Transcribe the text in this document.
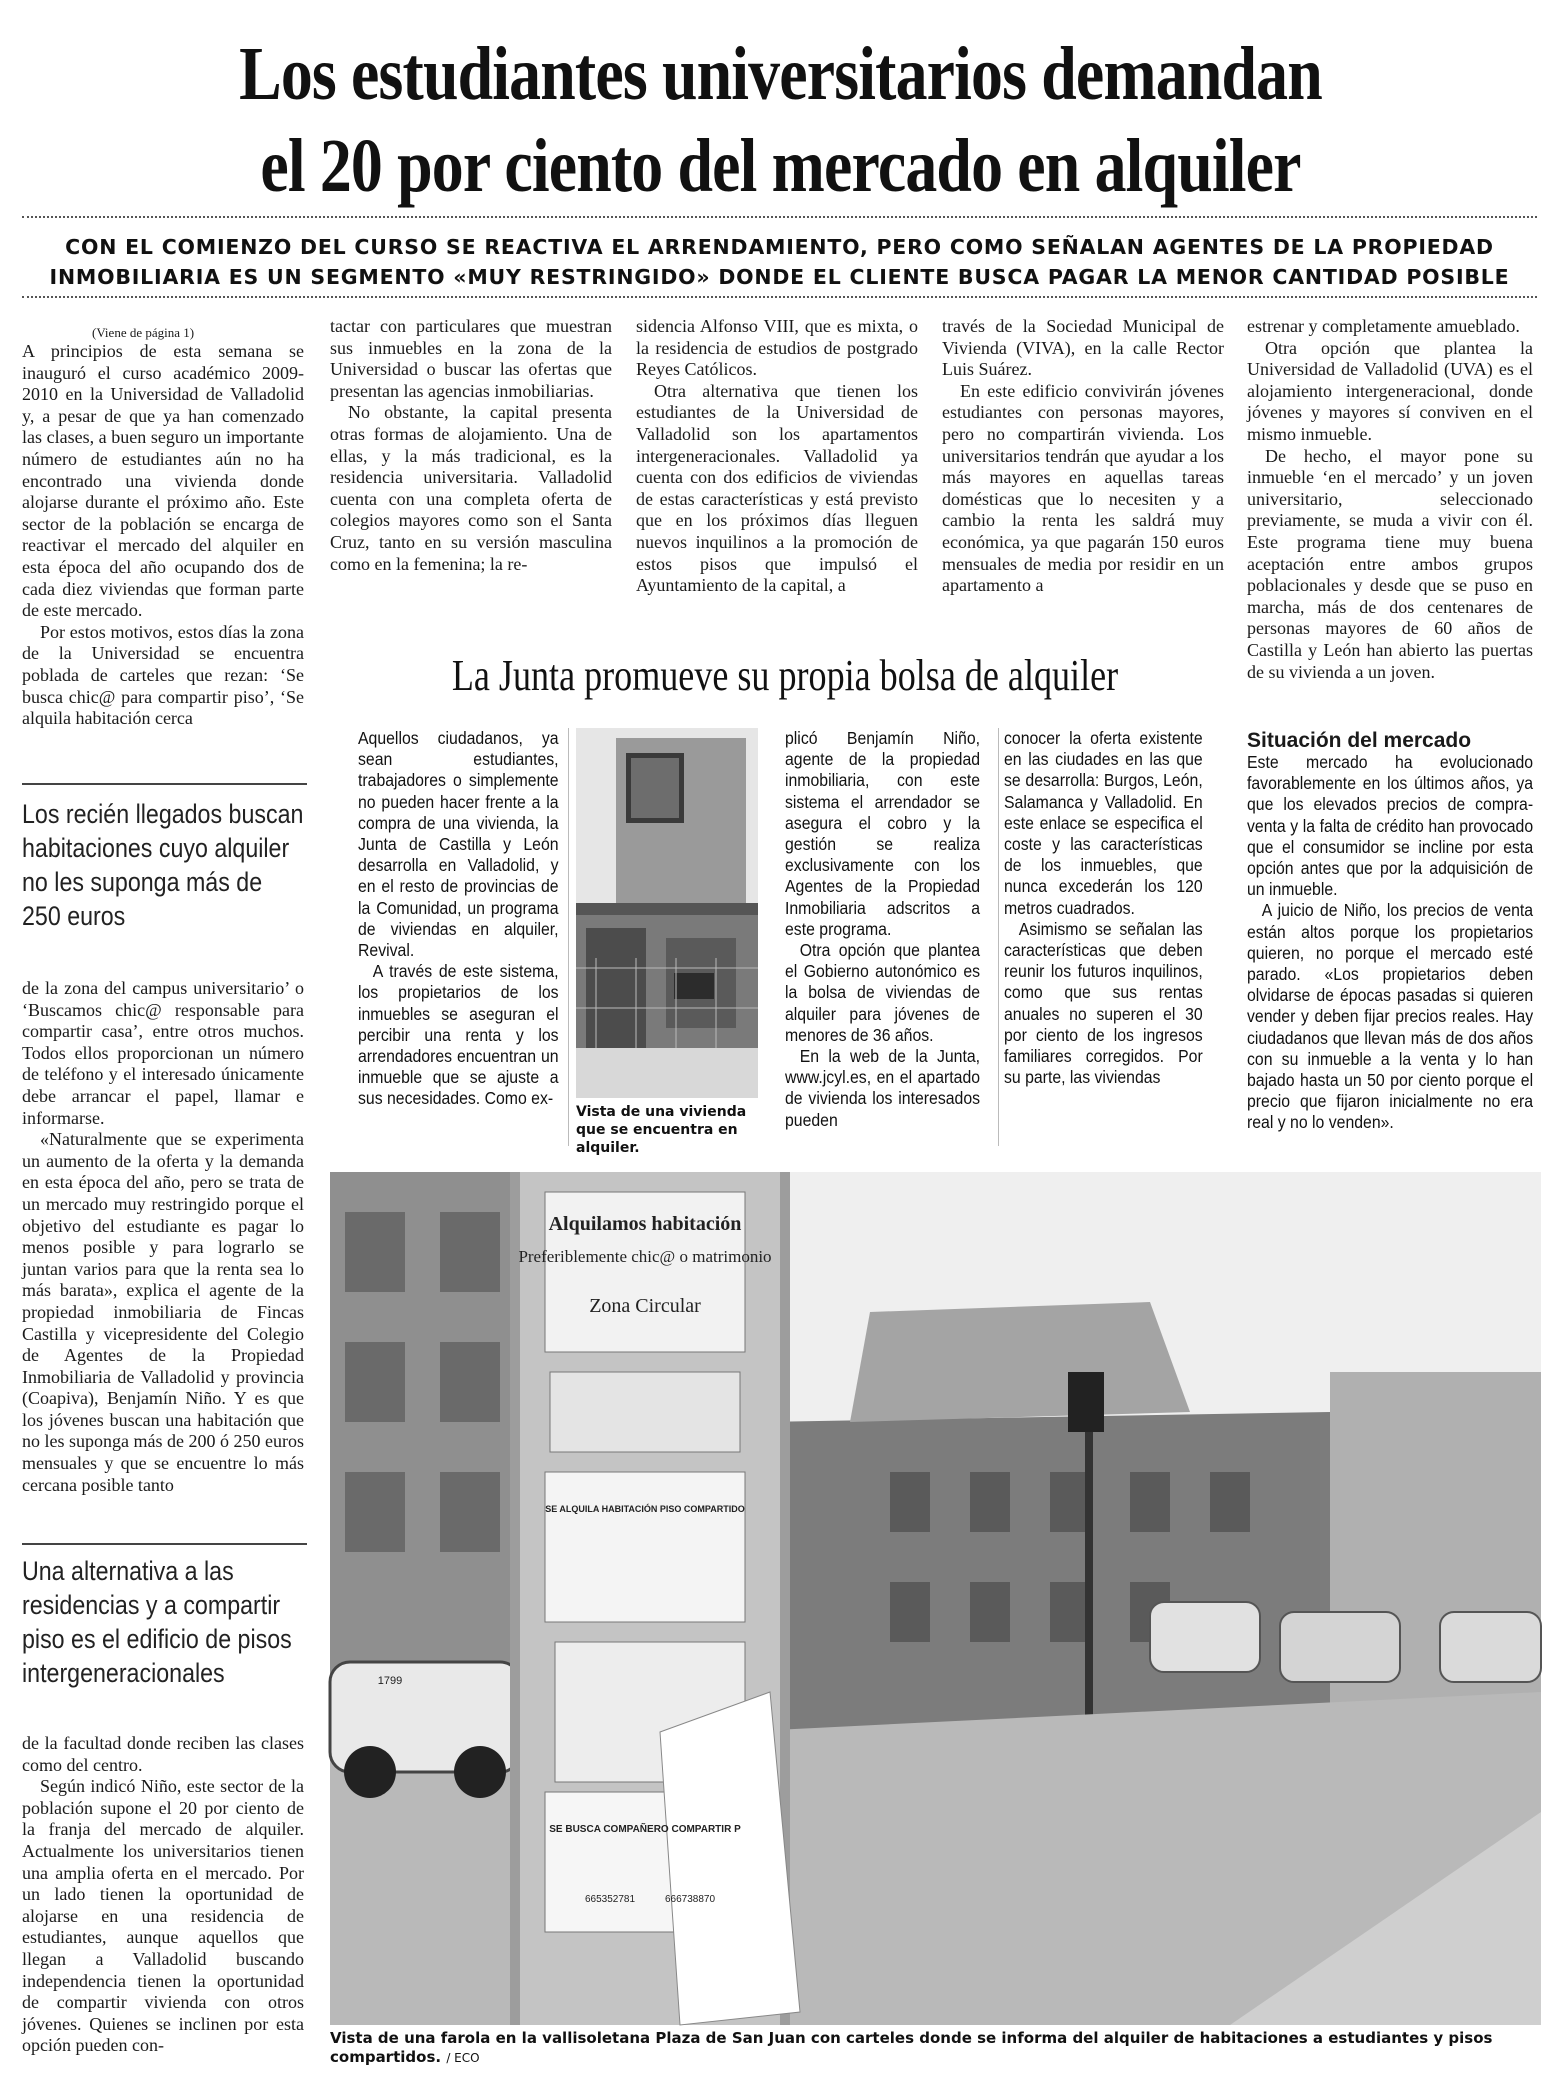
Los estudiantes universitarios demandan
el 20 por ciento del mercado en alquiler
CON EL COMIENZO DEL CURSO SE REACTIVA EL ARRENDAMIENTO, PERO COMO SEÑALAN AGENTES DE LA PROPIEDAD
INMOBILIARIA ES UN SEGMENTO «MUY RESTRINGIDO» DONDE EL CLIENTE BUSCA PAGAR LA MENOR CANTIDAD POSIBLE
(Viene de página 1)

A principios de esta semana se inauguró el curso académico 2009-2010 en la Universidad de Valladolid y, a pesar de que ya han comenzado las clases, a buen seguro un importante número de estudiantes aún no ha encontrado una vivienda donde alojarse durante el próximo año. Este sector de la población se encarga de reactivar el mercado del alquiler en esta época del año ocupando dos de cada diez viviendas que forman parte de este mercado.

Por estos motivos, estos días la zona de la Universidad se encuentra poblada de carteles que rezan: ‘Se busca chic@ para compartir piso’, ‘Se alquila habitación cerca

Los recién llegados buscan habitaciones cuyo alquiler no les suponga más de 250 euros

de la zona del campus universitario’ o ‘Buscamos chic@ responsable para compartir casa’, entre otros muchos. Todos ellos proporcionan un número de teléfono y el interesado únicamente debe arrancar el papel, llamar e informarse.

«Naturalmente que se experimenta un aumento de la oferta y la demanda en esta época del año, pero se trata de un mercado muy restringido porque el objetivo del estudiante es pagar lo menos posible y para lograrlo se juntan varios para que la renta sea lo más barata», explica el agente de la propiedad inmobiliaria de Fincas Castilla y vicepresidente del Colegio de Agentes de la Propiedad Inmobiliaria de Valladolid y provincia (Coapiva), Benjamín Niño. Y es que los jóvenes buscan una habitación que no les suponga más de 200 ó 250 euros mensuales y que se encuentre lo más cercana posible tanto

Una alternativa a las residencias y a compartir piso es el edificio de pisos intergeneracionales

de la facultad donde reciben las clases como del centro.

Según indicó Niño, este sector de la población supone el 20 por ciento de la franja del mercado de alquiler. Actualmente los universitarios tienen una amplia oferta en el mercado. Por un lado tienen la oportunidad de alojarse en una residencia de estudiantes, aunque aquellos que llegan a Valladolid buscando independencia tienen la oportunidad de compartir vivienda con otros jóvenes. Quienes se inclinen por esta opción pueden con-

tactar con particulares que muestran sus inmuebles en la zona de la Universidad o buscar las ofertas que presentan las agencias inmobiliarias.

No obstante, la capital presenta otras formas de alojamiento. Una de ellas, y la más tradicional, es la residencia universitaria. Valladolid cuenta con una completa oferta de colegios mayores como son el Santa Cruz, tanto en su versión masculina como en la femenina; la re-

sidencia Alfonso VIII, que es mixta, o la residencia de estudios de postgrado Reyes Católicos.

Otra alternativa que tienen los estudiantes de la Universidad de Valladolid son los apartamentos intergeneracionales. Valladolid ya cuenta con dos edificios de viviendas de estas características y está previsto que en los próximos días lleguen nuevos inquilinos a la promoción de estos pisos que impulsó el Ayuntamiento de la capital, a

través de la Sociedad Municipal de Vivienda (VIVA), en la calle Rector Luis Suárez.

En este edificio convivirán jóvenes estudiantes con personas mayores, pero no compartirán vivienda. Los universitarios tendrán que ayudar a los más mayores en aquellas tareas domésticas que lo necesiten y a cambio la renta les saldrá muy económica, ya que pagarán 150 euros mensuales de media por residir en un apartamento a

estrenar y completamente amueblado.

Otra opción que plantea la Universidad de Valladolid (UVA) es el alojamiento intergeneracional, donde jóvenes y mayores sí conviven en el mismo inmueble.

De hecho, el mayor pone su inmueble ‘en el mercado’ y un joven universitario, seleccionado previamente, se muda a vivir con él. Este programa tiene muy buena aceptación entre ambos grupos poblacionales y desde que se puso en marcha, más de dos centenares de personas mayores de 60 años de Castilla y León han abierto las puertas de su vivienda a un joven.

Situación del mercado

Este mercado ha evolucionado favorablemente en los últimos años, ya que los elevados precios de compra-venta y la falta de crédito han provocado que el consumidor se incline por esta opción antes que por la adquisición de un inmueble.

A juicio de Niño, los precios de venta están altos porque los propietarios quieren, no porque el mercado esté parado. «Los propietarios deben olvidarse de épocas pasadas si quieren vender y deben fijar precios reales. Hay ciudadanos que llevan más de dos años con su inmueble a la venta y lo han bajado hasta un 50 por ciento porque el precio que fijaron inicialmente no era real y no lo venden».

La Junta promueve su propia bolsa de alquiler

Aquellos ciudadanos, ya sean estudiantes, trabajadores o simplemente no pueden hacer frente a la compra de una vivienda, la Junta de Castilla y León desarrolla en Valladolid, y en el resto de provincias de la Comunidad, un programa de viviendas en alquiler, Revival.

A través de este sistema, los propietarios de los inmuebles se aseguran el percibir una renta y los arrendadores encuentran un inmueble que se ajuste a sus necesidades. Como ex-

Vista de una vivienda que se encuentra en alquiler.

plicó Benjamín Niño, agente de la propiedad inmobiliaria, con este sistema el arrendador se asegura el cobro y la gestión se realiza exclusivamente con los Agentes de la Propiedad Inmobiliaria adscritos a este programa.

Otra opción que plantea el Gobierno autonómico es la bolsa de viviendas de alquiler para jóvenes de menores de 36 años.

En la web de la Junta, www.jcyl.es, en el apartado de vivienda los interesados pueden

conocer la oferta existente en las ciudades en las que se desarrolla: Burgos, León, Salamanca y Valladolid. En este enlace se especifica el coste y las características de los inmuebles, que nunca excederán los 120 metros cuadrados.

Asimismo se señalan las características que deben reunir los futuros inquilinos, como que sus rentas anuales no superen el 30 por ciento de los ingresos familiares corregidos. Por su parte, las viviendas

Alquilamos habitación
Preferiblemente chic@ o matrimonio
Zona Circular
SE ALQUILA HABITACIÓN PISO COMPARTIDO
SE BUSCA COMPAÑERO COMPARTIR P
665352781	666738870
1799
Vista de una farola en la vallisoletana Plaza de San Juan con carteles donde se informa del alquiler de habitaciones a estudiantes y pisos compartidos. / ECO
